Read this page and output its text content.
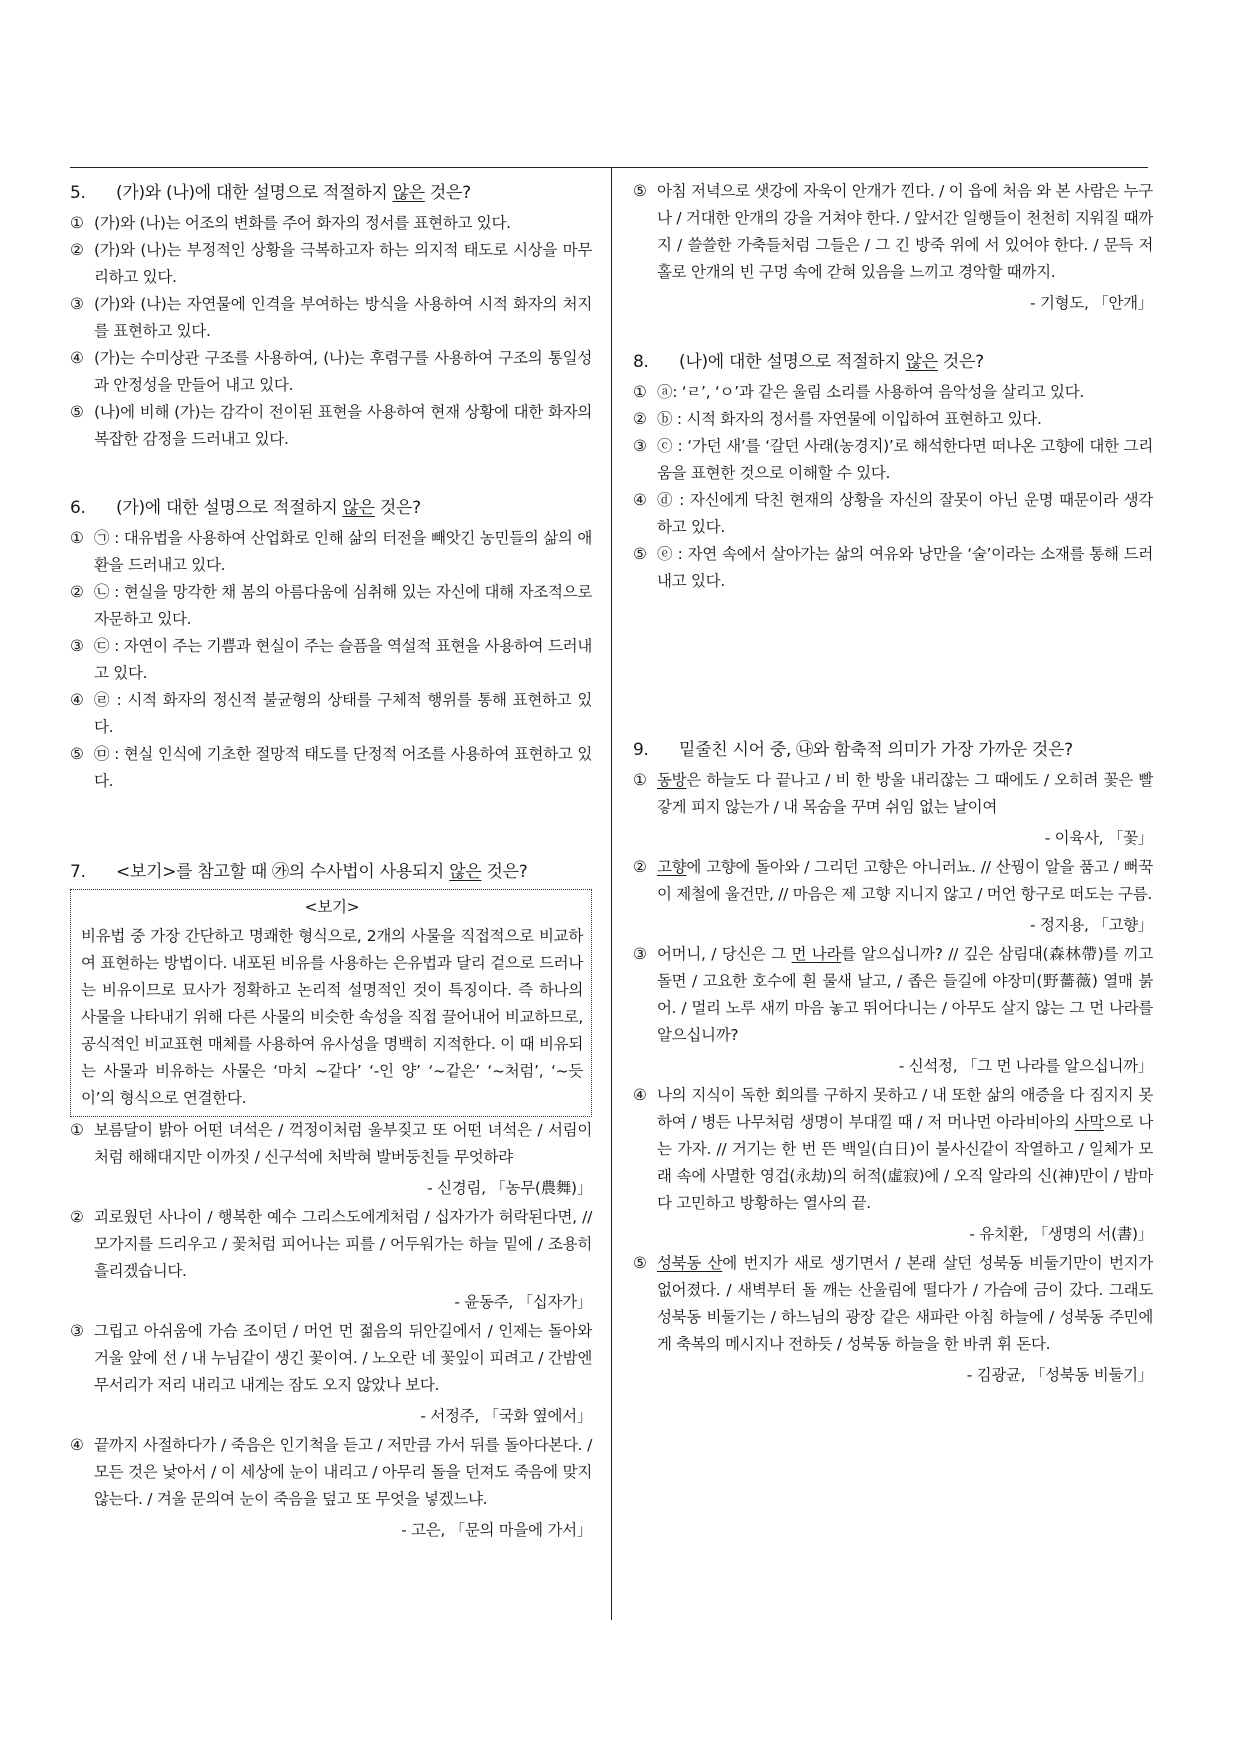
5. (가)와 (나)에 대한 설명으로 적절하지 않은 것은?
① (가)와 (나)는 어조의 변화를 주어 화자의 정서를 표현하고 있다.
② (가)와 (나)는 부정적인 상황을 극복하고자 하는 의지적 태도로 시상을 마무리하고 있다.
③ (가)와 (나)는 자연물에 인격을 부여하는 방식을 사용하여 시적 화자의 처지를 표현하고 있다.
④ (가)는 수미상관 구조를 사용하여, (나)는 후렴구를 사용하여 구조의 통일성과 안정성을 만들어 내고 있다.
⑤ (나)에 비해 (가)는 감각이 전이된 표현을 사용하여 현재 상황에 대한 화자의 복잡한 감정을 드러내고 있다.
6. (가)에 대한 설명으로 적절하지 않은 것은?
① ㉠ : 대유법을 사용하여 산업화로 인해 삶의 터전을 빼앗긴 농민들의 삶의 애환을 드러내고 있다.
② ㉡ : 현실을 망각한 채 봄의 아름다움에 심취해 있는 자신에 대해 자조적으로 자문하고 있다.
③ ㉢ : 자연이 주는 기쁨과 현실이 주는 슬픔을 역설적 표현을 사용하여 드러내고 있다.
④ ㉣ : 시적 화자의 정신적 불균형의 상태를 구체적 행위를 통해 표현하고 있다.
⑤ ㉤ : 현실 인식에 기초한 절망적 태도를 단정적 어조를 사용하여 표현하고 있다.
7. <보기>를 참고할 때 ㉮의 수사법이 사용되지 않은 것은?
<보기>
비유법 중 가장 간단하고 명쾌한 형식으로, 2개의 사물을 직접적으로 비교하여 표현하는 방법이다. 내포된 비유를 사용하는 은유법과 달리 겉으로 드러나는 비유이므로 묘사가 정확하고 논리적 설명적인 것이 특징이다. 즉 하나의 사물을 나타내기 위해 다른 사물의 비슷한 속성을 직접 끌어내어 비교하므로, 공식적인 비교표현 매체를 사용하여 유사성을 명백히 지적한다. 이 때 비유되는 사물과 비유하는 사물은 ‘마치 ~같다’ ‘-인 양’ ‘~같은’ ‘~처럼’, ‘~듯이’의 형식으로 연결한다.
① 보름달이 밝아 어떤 녀석은 / 꺽정이처럼 울부짖고 또 어떤 녀석은 / 서림이처럼 해해대지만 이까짓 / 신구석에 처박혀 발버둥친들 무엇하랴
- 신경림, 「농무(農舞)」
② 괴로웠던 사나이 / 행복한 예수 그리스도에게처럼 / 십자가가 허락된다면, // 모가지를 드리우고 / 꽃처럼 피어나는 피를 / 어두워가는 하늘 밑에 / 조용히 흘리겠습니다.
- 윤동주, 「십자가」
③ 그립고 아쉬움에 가슴 조이던 / 머언 먼 젊음의 뒤안길에서 / 인제는 돌아와 거울 앞에 선 / 내 누님같이 생긴 꽃이여. / 노오란 네 꽃잎이 피려고 / 간밤엔 무서리가 저리 내리고 내게는 잠도 오지 않았나 보다.
- 서정주, 「국화 옆에서」
④ 끝까지 사절하다가 / 죽음은 인기척을 듣고 / 저만큼 가서 뒤를 돌아다본다. / 모든 것은 낯아서 / 이 세상에 눈이 내리고 / 아무리 돌을 던져도 죽음에 맞지 않는다. / 겨울 문의여 눈이 죽음을 덮고 또 무엇을 넣겠느냐.
- 고은, 「문의 마을에 가서」
⑤ 아침 저녁으로 샛강에 자욱이 안개가 낀다. / 이 읍에 처음 와 본 사람은 누구나 / 거대한 안개의 강을 거쳐야 한다. / 앞서간 일행들이 천천히 지워질 때까지 / 쓸쓸한 가축들처럼 그들은 / 그 긴 방죽 위에 서 있어야 한다. / 문득 저 홀로 안개의 빈 구멍 속에 갇혀 있음을 느끼고 경악할 때까지.
- 기형도, 「안개」
8. (나)에 대한 설명으로 적절하지 않은 것은?
① ⓐ: ‘ㄹ’, ‘ㅇ’과 같은 울림 소리를 사용하여 음악성을 살리고 있다.
② ⓑ : 시적 화자의 정서를 자연물에 이입하여 표현하고 있다.
③ ⓒ : ‘가던 새’를 ‘갈던 사래(농경지)’로 해석한다면 떠나온 고향에 대한 그리움을 표현한 것으로 이해할 수 있다.
④ ⓓ : 자신에게 닥친 현재의 상황을 자신의 잘못이 아닌 운명 때문이라 생각하고 있다.
⑤ ⓔ : 자연 속에서 살아가는 삶의 여유와 낭만을 ‘술’이라는 소재를 통해 드러내고 있다.
9. 밑줄친 시어 중, ㉯와 함축적 의미가 가장 가까운 것은?
① 동방은 하늘도 다 끝나고 / 비 한 방울 내리잖는 그 때에도 / 오히려 꽃은 빨갛게 피지 않는가 / 내 목숨을 꾸며 쉬임 없는 날이여
- 이육사, 「꽃」
② 고향에 고향에 돌아와 / 그리던 고향은 아니러뇨. // 산꿩이 알을 품고 / 뻐꾹이 제철에 울건만, // 마음은 제 고향 지니지 않고 / 머언 항구로 떠도는 구름.
- 정지용, 「고향」
③ 어머니, / 당신은 그 먼 나라를 알으십니까? // 깊은 삼림대(森林帶)를 끼고 돌면 / 고요한 호수에 흰 물새 날고, / 좁은 들길에 야장미(野薔薇) 열매 붉어. / 멀리 노루 새끼 마음 놓고 뛰어다니는 / 아무도 살지 않는 그 먼 나라를 알으십니까?
- 신석정, 「그 먼 나라를 알으십니까」
④ 나의 지식이 독한 회의를 구하지 못하고 / 내 또한 삶의 애증을 다 짐지지 못하여 / 병든 나무처럼 생명이 부대낄 때 / 저 머나먼 아라비아의 사막으로 나는 가자. // 거기는 한 번 뜬 백일(白日)이 불사신같이 작열하고 / 일체가 모래 속에 사멸한 영겁(永劫)의 허적(虛寂)에 / 오직 알라의 신(神)만이 / 밤마다 고민하고 방황하는 열사의 끝.
- 유치환, 「생명의 서(書)」
⑤ 성북동 산에 번지가 새로 생기면서 / 본래 살던 성북동 비둘기만이 번지가 없어졌다. / 새벽부터 돌 깨는 산울림에 떨다가 / 가슴에 금이 갔다. 그래도 성북동 비둘기는 / 하느님의 광장 같은 새파란 아침 하늘에 / 성북동 주민에게 축복의 메시지나 전하듯 / 성북동 하늘을 한 바퀴 휘 돈다.
- 김광균, 「성북동 비둘기」
